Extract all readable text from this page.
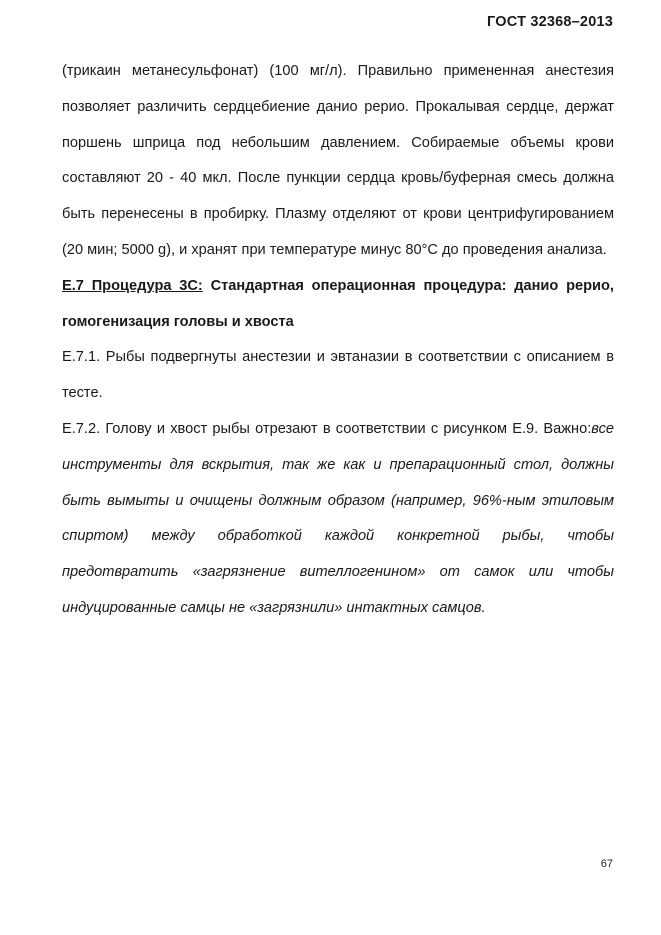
ГОСТ 32368–2013

(трикаин метанесульфонат) (100 мг/л). Правильно примененная анестезия позволяет различить сердцебиение данио рерио. Прокалывая сердце, держат поршень шприца под небольшим давлением. Собираемые объемы крови составляют 20 - 40 мкл. После пункции сердца кровь/буферная смесь должна быть перенесены в пробирку. Плазму отделяют от крови центрифугированием (20 мин; 5000 g), и хранят при температуре минус 80°С до проведения анализа.

Е.7 Процедура 3С: Стандартная операционная процедура: данио рерио, гомогенизация головы и хвоста

Е.7.1. Рыбы подвергнуты анестезии и эвтаназии в соответствии с описанием в тесте.

Е.7.2. Голову и хвост рыбы отрезают в соответствии с рисунком Е.9. Важно:все инструменты для вскрытия, так же как и препарационный стол, должны быть вымыты и очищены должным образом (например, 96%-ным этиловым спиртом) между обработкой каждой конкретной рыбы, чтобы предотвратить «загрязнение вителлогенином» от самок или чтобы индуцированные самцы не «загрязнили» интактных самцов.

67
